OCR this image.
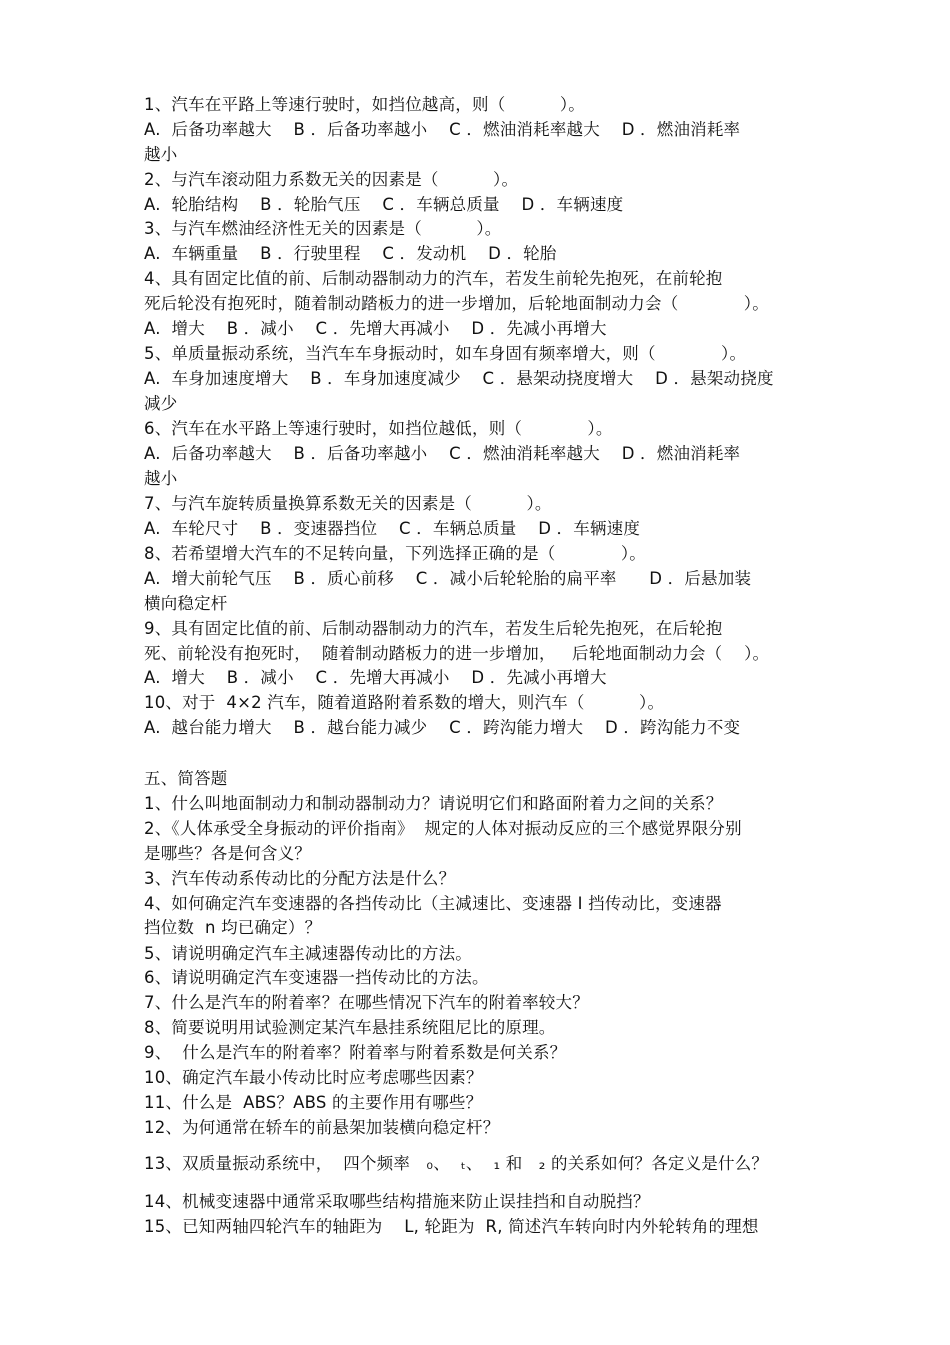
1、汽车在平路上等速行驶时，如挡位越高，则（          ）。
A.  后备功率越大    B ．后备功率越小    C ．燃油消耗率越大    D ．燃油消耗率
越小
2、与汽车滚动阻力系数无关的因素是（          ）。
A.  轮胎结构    B ．轮胎气压    C ．车辆总质量    D ．车辆速度
3、与汽车燃油经济性无关的因素是（          ）。
A.  车辆重量    B ．行驶里程    C ．发动机    D ．轮胎
4、具有固定比值的前、后制动器制动力的汽车，若发生前轮先抱死，在前轮抱
死后轮没有抱死时，随着制动踏板力的进一步增加，后轮地面制动力会（            ）。
A.  增大    B ．减小    C ．先增大再减小    D ．先减小再增大
5、单质量振动系统，当汽车车身振动时，如车身固有频率增大，则（            ）。
A.  车身加速度增大    B ．车身加速度减少    C ．悬架动挠度增大    D ．悬架动挠度
减少
6、汽车在水平路上等速行驶时，如挡位越低，则（            ）。
A.  后备功率越大    B ．后备功率越小    C ．燃油消耗率越大    D ．燃油消耗率
越小
7、与汽车旋转质量换算系数无关的因素是（          ）。
A.  车轮尺寸    B ．变速器挡位    C ．车辆总质量    D ．车辆速度
8、若希望增大汽车的不足转向量，下列选择正确的是（            ）。
A.  增大前轮气压    B ．质心前移    C ．减小后轮轮胎的扁平率      D ．后悬加装
横向稳定杆
9、具有固定比值的前、后制动器制动力的汽车，若发生后轮先抱死，在后轮抱
死、前轮没有抱死时，  随着制动踏板力的进一步增加，   后轮地面制动力会（    ）。
A.  增大    B ．减小    C ．先增大再减小    D ．先减小再增大
10、对于  4×2 汽车，随着道路附着系数的增大，则汽车（          ）。
A.  越台能力增大    B ．越台能力减少    C ．跨沟能力增大    D ．跨沟能力不变
五、简答题
1、什么叫地面制动力和制动器制动力？请说明它们和路面附着力之间的关系？
2、《人体承受全身振动的评价指南》  规定的人体对振动反应的三个感觉界限分别
是哪些？各是何含义？
3、汽车传动系传动比的分配方法是什么？
4、如何确定汽车变速器的各挡传动比（主减速比、变速器 I 挡传动比，变速器
挡位数  n 均已确定）？
5、请说明确定汽车主减速器传动比的方法。
6、请说明确定汽车变速器一挡传动比的方法。
7、什么是汽车的附着率？在哪些情况下汽车的附着率较大？
8、简要说明用试验测定某汽车悬挂系统阻尼比的原理。
9、  什么是汽车的附着率？附着率与附着系数是何关系？
10、确定汽车最小传动比时应考虑哪些因素？
11、什么是  ABS？ABS 的主要作用有哪些？
12、为何通常在轿车的前悬架加装横向稳定杆？
13、双质量振动系统中，  四个频率   ₀、  ₜ、  ₁ 和   ₂ 的关系如何？各定义是什么？
14、机械变速器中通常采取哪些结构措施来防止误挂挡和自动脱挡？
15、已知两轴四轮汽车的轴距为    L, 轮距为  R, 简述汽车转向时内外轮转角的理想
